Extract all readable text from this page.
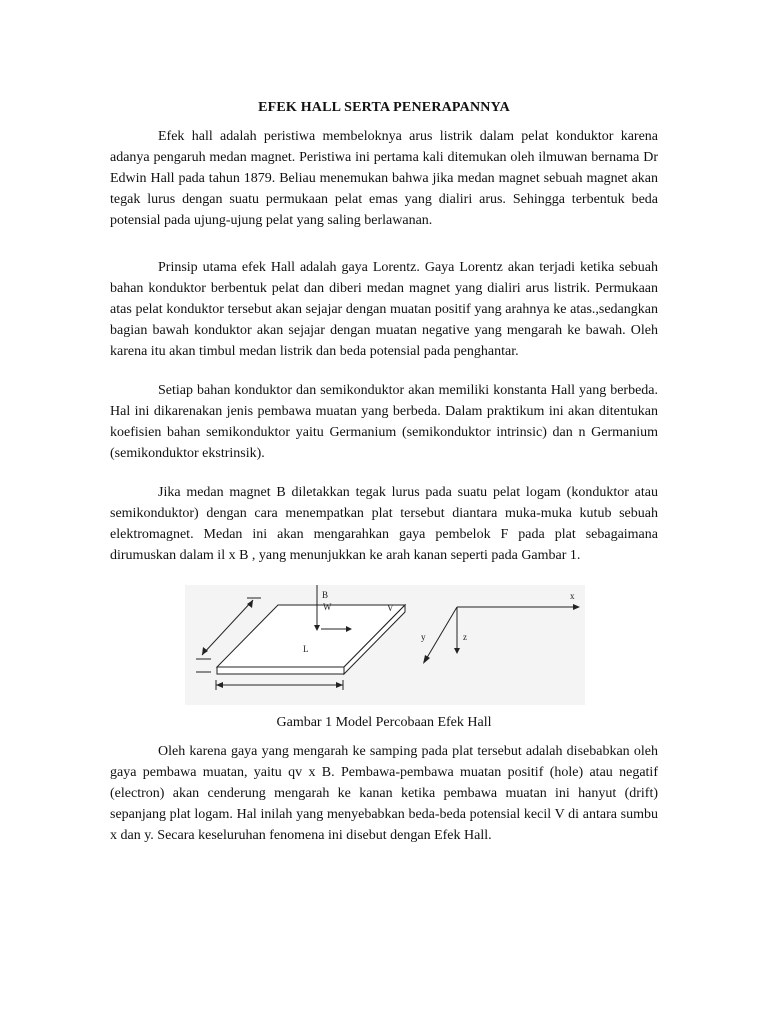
EFEK HALL SERTA PENERAPANNYA

Efek hall adalah peristiwa membeloknya arus listrik dalam pelat konduktor karena adanya pengaruh medan magnet. Peristiwa ini pertama kali ditemukan oleh ilmuwan bernama Dr Edwin Hall pada tahun 1879. Beliau menemukan bahwa jika medan magnet sebuah magnet akan tegak lurus dengan suatu permukaan pelat emas yang dialiri arus. Sehingga terbentuk beda potensial pada ujung-ujung pelat yang saling berlawanan.

Prinsip utama efek Hall adalah gaya Lorentz. Gaya Lorentz akan terjadi ketika sebuah bahan konduktor berbentuk pelat dan diberi medan magnet yang dialiri arus listrik. Permukaan atas pelat konduktor tersebut akan sejajar dengan muatan positif yang arahnya ke atas.,sedangkan bagian bawah konduktor akan sejajar dengan muatan negative yang mengarah ke bawah. Oleh karena itu akan timbul medan listrik dan beda potensial pada penghantar.

Setiap bahan konduktor dan semikonduktor akan memiliki konstanta Hall yang berbeda. Hal ini dikarenakan jenis pembawa muatan yang berbeda. Dalam praktikum ini akan ditentukan koefisien bahan semikonduktor yaitu Germanium (semikonduktor intrinsic) dan n Germanium (semikonduktor ekstrinsik).

Jika medan magnet B diletakkan tegak lurus pada suatu pelat logam (konduktor atau semikonduktor) dengan cara menempatkan plat tersebut diantara muka-muka kutub sebuah elektromagnet. Medan ini akan mengarahkan gaya pembelok F pada plat sebagaimana dirumuskan dalam il x B , yang menunjukkan ke arah kanan seperti pada Gambar 1.

B
W	V
L
x
y	z
Gambar 1 Model Percobaan Efek Hall

Oleh karena gaya yang mengarah ke samping pada plat tersebut adalah disebabkan oleh gaya pembawa muatan, yaitu qv x B. Pembawa-pembawa muatan positif (hole) atau negatif (electron) akan cenderung mengarah ke kanan ketika pembawa muatan ini hanyut (drift) sepanjang plat logam. Hal inilah yang menyebabkan beda-beda potensial kecil V di antara sumbu x dan y. Secara keseluruhan fenomena ini disebut dengan Efek Hall.
